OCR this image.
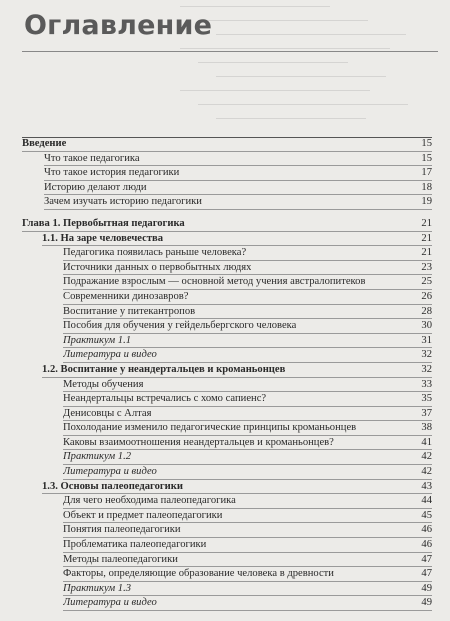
Оглавление
Введение	15
Что такое педагогика	15
Что такое история педагогики	17
Историю делают люди	18
Зачем изучать историю педагогики	19
Глава 1. Первобытная педагогика	21
1.1. На заре человечества	21
Педагогика появилась раньше человека?	21
Источники данных о первобытных людях	23
Подражание взрослым — основной метод учения австралопитеков	25
Современники динозавров?	26
Воспитание у питекантропов	28
Пособия для обучения у гейдельбергского человека	30
Практикум 1.1	31
Литература и видео	32
1.2. Воспитание у неандертальцев и кроманьонцев	32
Методы обучения	33
Неандертальцы встречались с хомо сапиенс?	35
Денисовцы с Алтая	37
Похолодание изменило педагогические принципы кроманьонцев	38
Каковы взаимоотношения неандертальцев и кроманьонцев?	41
Практикум 1.2	42
Литература и видео	42
1.3. Основы палеопедагогики	43
Для чего необходима палеопедагогика	44
Объект и предмет палеопедагогики	45
Понятия палеопедагогики	46
Проблематика палеопедагогики	46
Методы палеопедагогики	47
Факторы, определяющие образование человека в древности	47
Практикум 1.3	49
Литература и видео	49
